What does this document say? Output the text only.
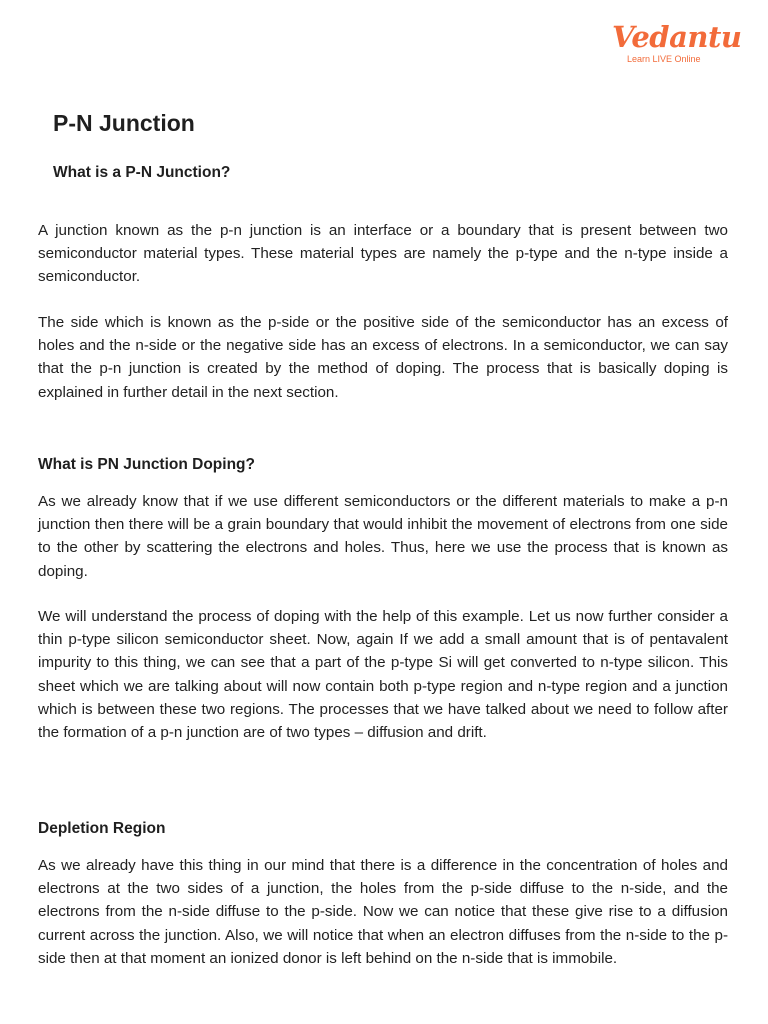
Vedantu
Learn LIVE Online
P-N Junction
What is a P-N Junction?

A junction known as the p-n junction is an interface or a boundary that is present between two semiconductor material types. These material types are namely the p-type and the n-type inside a semiconductor.

The side which is known as the p-side or the positive side of the semiconductor has an excess of holes and the n-side or the negative side has an excess of electrons. In a semiconductor, we can say that the p-n junction is created by the method of doping. The process that is basically doping is explained in further detail in the next section.

What is PN Junction Doping?

As we already know that if we use different semiconductors or the different materials to make a p-n junction then there will be a grain boundary that would inhibit the movement of electrons from one side to the other by scattering the electrons and holes. Thus, here we use the process that is known as doping.

We will understand the process of doping with the help of this example. Let us now further consider a thin p-type silicon semiconductor sheet. Now, again If we add a small amount that is of pentavalent impurity to this thing, we can see that a part of the p-type Si will get converted to n-type silicon. This sheet which we are talking about will now contain both p-type region and n-type region and a junction which is between these two regions. The processes that we have talked about we need to follow after the formation of a p-n junction are of two types – diffusion and drift.

Depletion Region

As we already have this thing in our mind that there is a difference in the concentration of holes and electrons at the two sides of a junction, the holes from the p-side diffuse to the n-side, and the electrons from the n-side diffuse to the p-side. Now we can notice that these give rise to a diffusion current across the junction. Also, we will notice that when an electron diffuses from the n-side to the p-side then at that moment an ionized donor is left behind on the n-side that is immobile.
